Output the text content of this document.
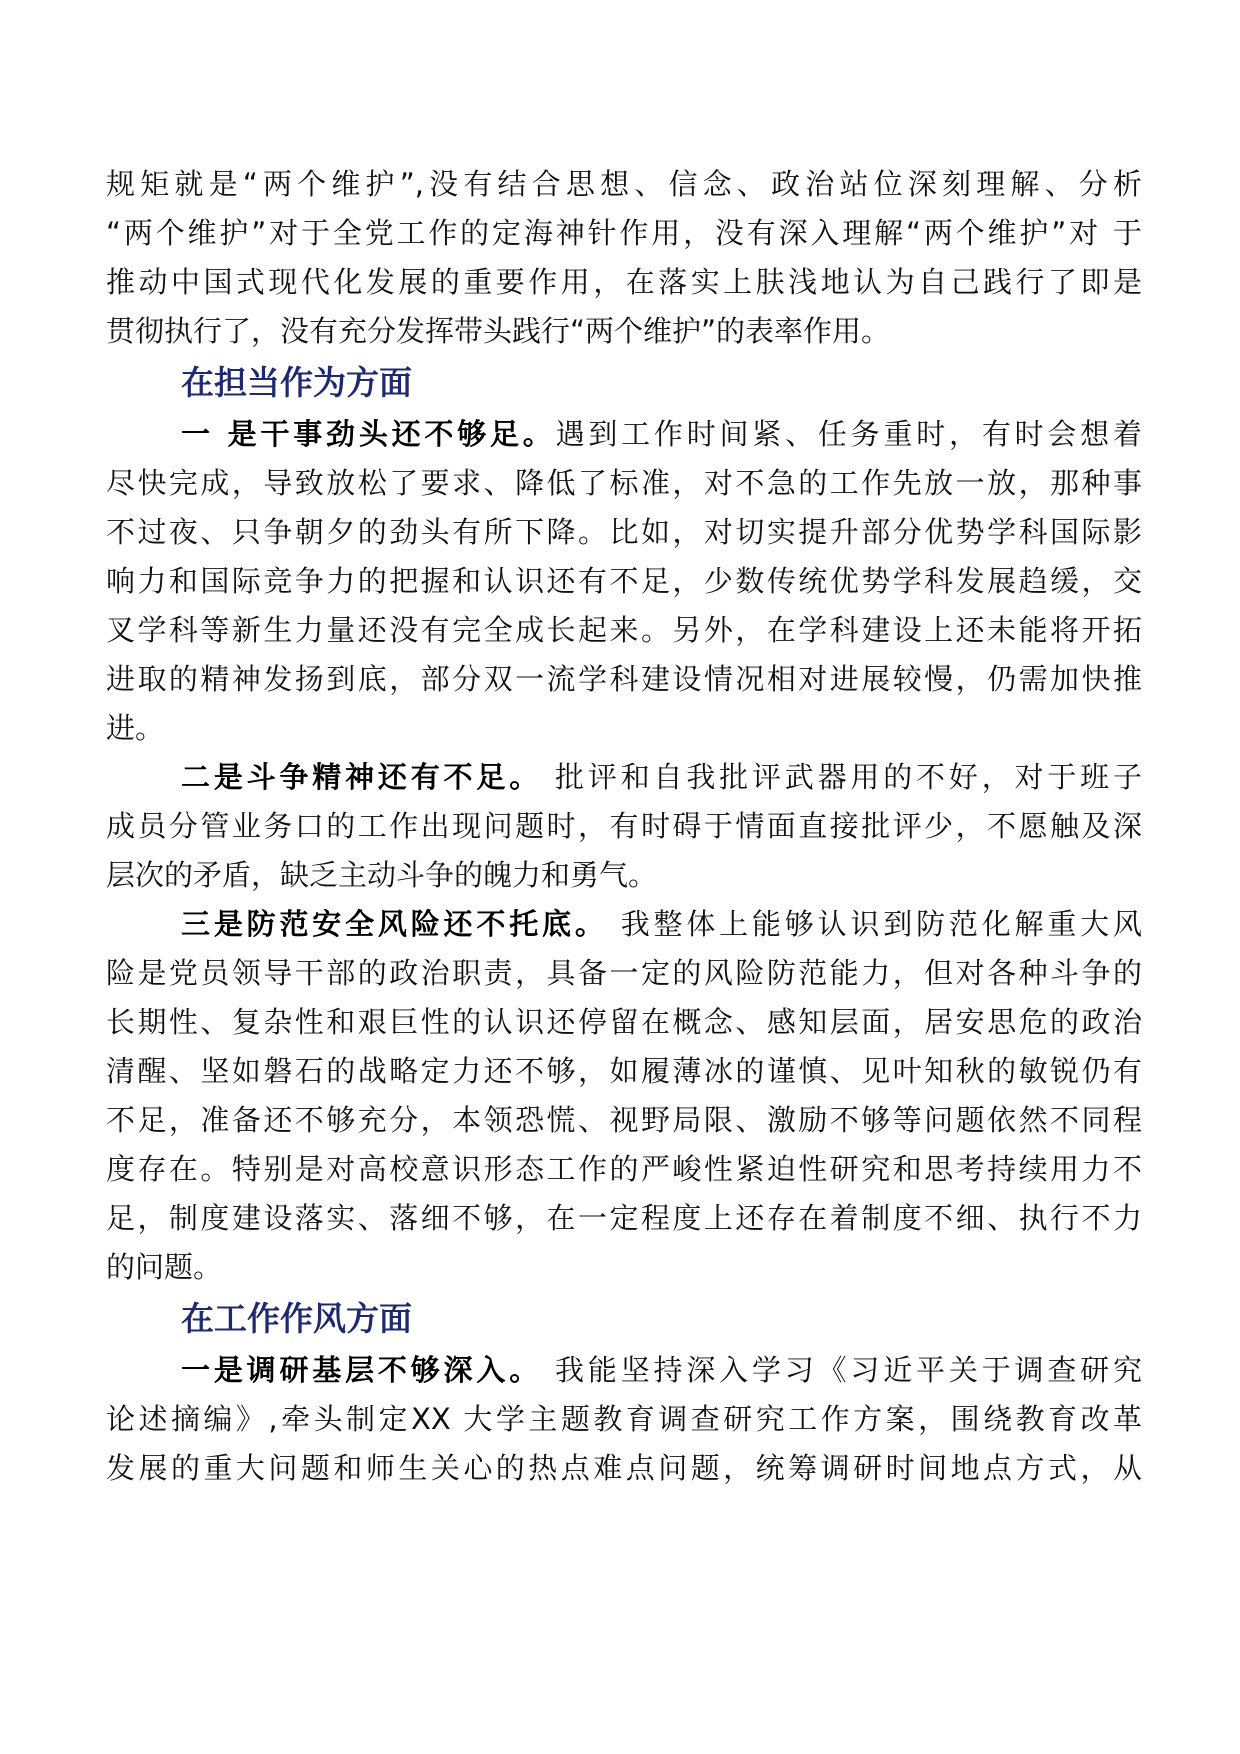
规矩就是“两个维护”,没有结合思想、信念、政治站位深刻理解、分析
“两个维护”对于全党工作的定海神针作用，没有深入理解“两个维护”对 于
推动中国式现代化发展的重要作用，在落实上肤浅地认为自己践行了即是
贯彻执行了，没有充分发挥带头践行“两个维护”的表率作用。
在担当作为方面
一 是干事劲头还不够足。遇到工作时间紧、任务重时，有时会想着
尽快完成，导致放松了要求、降低了标准，对不急的工作先放一放，那种事
不过夜、只争朝夕的劲头有所下降。比如，对切实提升部分优势学科国际影
响力和国际竞争力的把握和认识还有不足，少数传统优势学科发展趋缓，交
叉学科等新生力量还没有完全成长起来。另外，在学科建设上还未能将开拓
进取的精神发扬到底，部分双一流学科建设情况相对进展较慢，仍需加快推
进。
二是斗争精神还有不足。 批评和自我批评武器用的不好，对于班子
成员分管业务口的工作出现问题时，有时碍于情面直接批评少，不愿触及深
层次的矛盾，缺乏主动斗争的魄力和勇气。
三是防范安全风险还不托底。 我整体上能够认识到防范化解重大风
险是党员领导干部的政治职责，具备一定的风险防范能力，但对各种斗争的
长期性、复杂性和艰巨性的认识还停留在概念、感知层面，居安思危的政治
清醒、坚如磐石的战略定力还不够，如履薄冰的谨慎、见叶知秋的敏锐仍有
不足，准备还不够充分，本领恐慌、视野局限、激励不够等问题依然不同程
度存在。特别是对高校意识形态工作的严峻性紧迫性研究和思考持续用力不
足，制度建设落实、落细不够，在一定程度上还存在着制度不细、执行不力
的问题。
在工作作风方面
一是调研基层不够深入。 我能坚持深入学习《习近平关于调查研究
论述摘编》,牵头制定XX 大学主题教育调查研究工作方案，围绕教育改革
发展的重大问题和师生关心的热点难点问题，统筹调研时间地点方式，从
